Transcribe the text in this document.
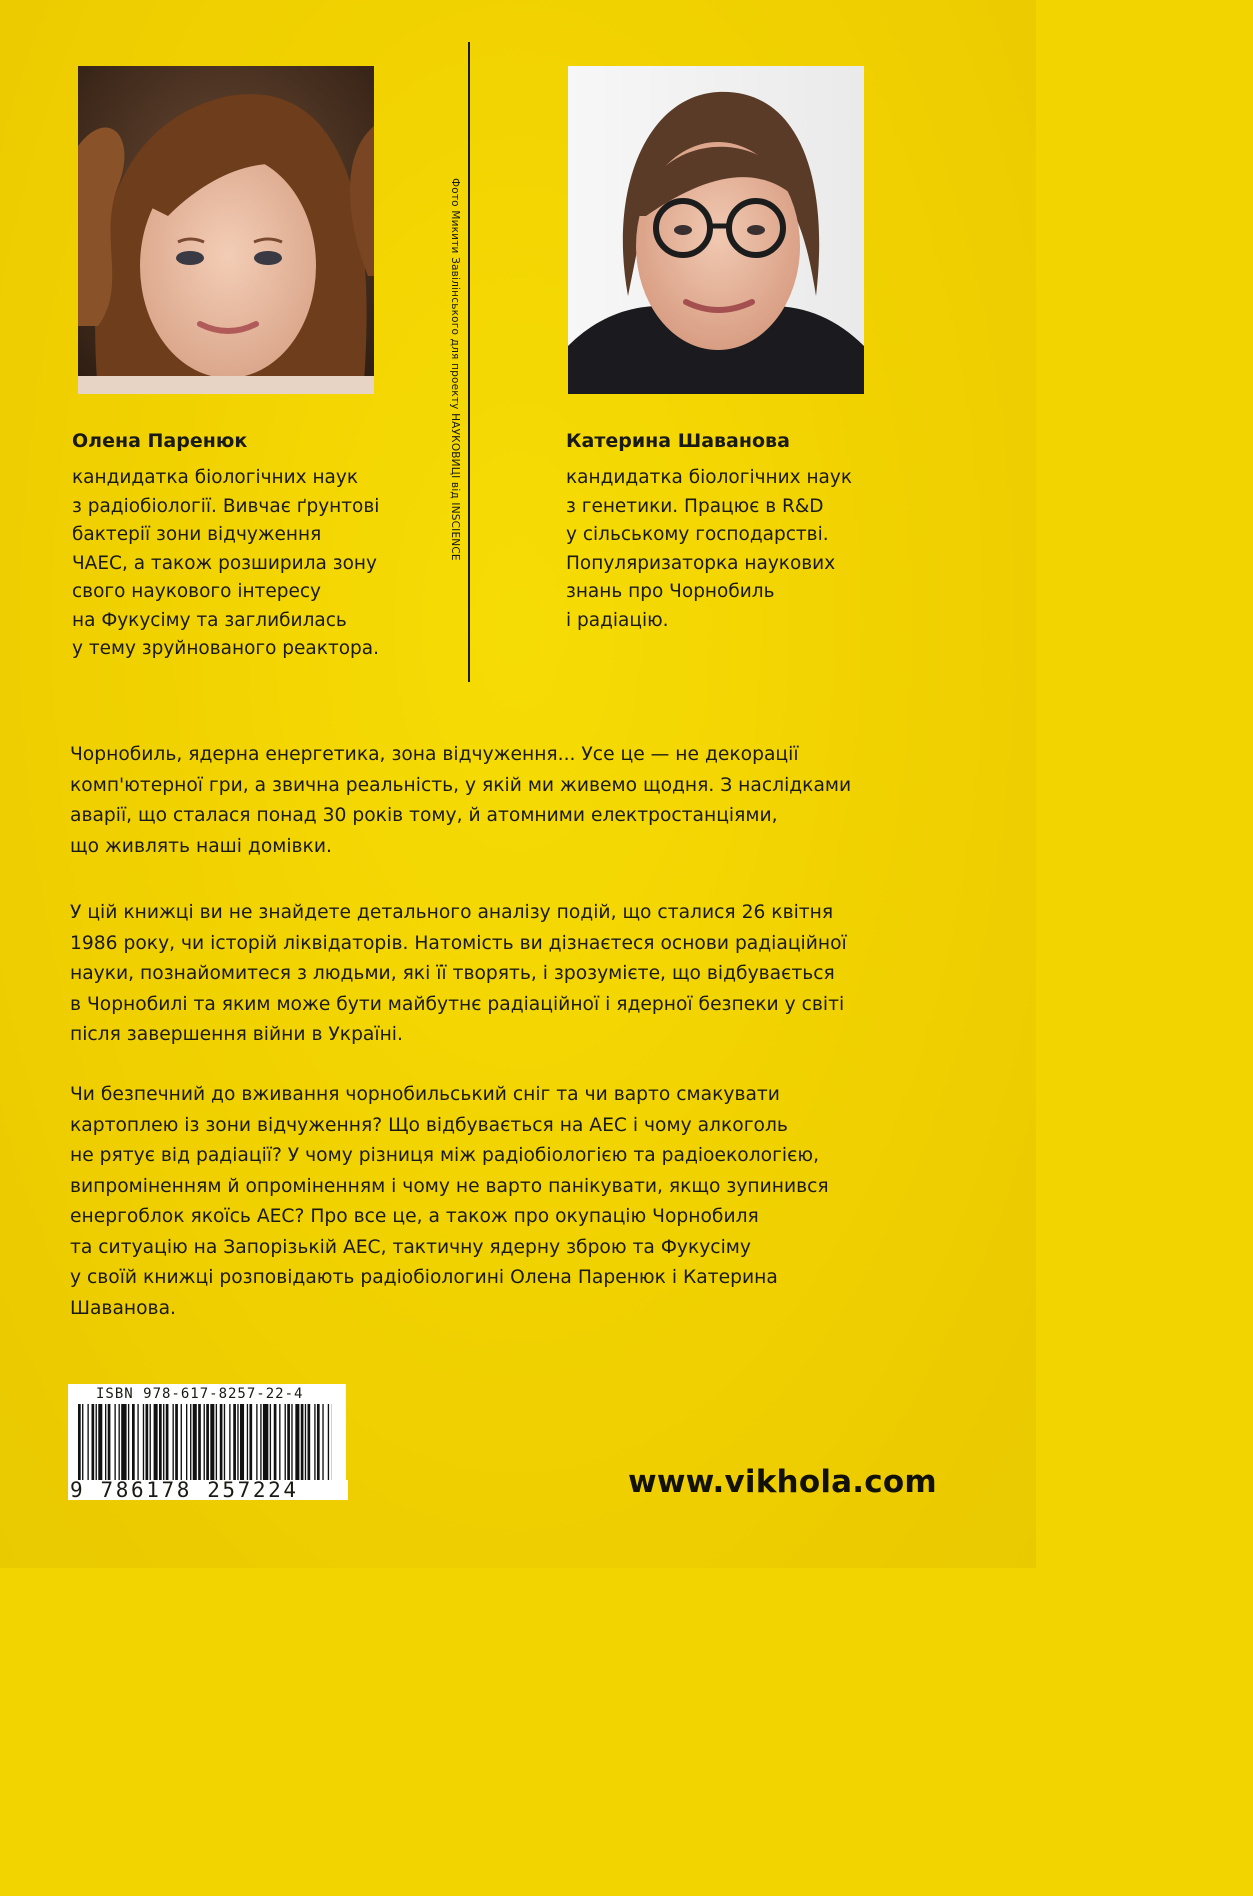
Фото Микити Завілінського для проекту НАУКОВИЦІ від INSCIENCE

Олена Паренюк

кандидатка біологічних наук
з радіобіології. Вивчає ґрунтові
бактерії зони відчуження
ЧАЕС, а також розширила зону
свого наукового інтересу
на Фукусіму та заглибилась
у тему зруйнованого реактора.

Катерина Шаванова

кандидатка біологічних наук
з генетики. Працює в R&D
у сільському господарстві.
Популяризаторка наукових
знань про Чорнобиль
і радіацію.

Чорнобиль, ядерна енергетика, зона відчуження... Усе це — не декорації
комп'ютерної гри, а звична реальність, у якій ми живемо щодня. З наслідками
аварії, що сталася понад 30 років тому, й атомними електростанціями,
що живлять наші домівки.

У цій книжці ви не знайдете детального аналізу подій, що сталися 26 квітня
1986 року, чи історій ліквідаторів. Натомість ви дізнаєтеся основи радіаційної
науки, познайомитеся з людьми, які її творять, і зрозумієте, що відбувається
в Чорнобилі та яким може бути майбутнє радіаційної і ядерної безпеки у світі
після завершення війни в Україні.

Чи безпечний до вживання чорнобильський сніг та чи варто смакувати
картоплею із зони відчуження? Що відбувається на АЕС і чому алкоголь
не рятує від радіації? У чому різниця між радіобіологією та радіоекологією,
випроміненням й опроміненням і чому не варто панікувати, якщо зупинився
енергоблок якоїсь АЕС? Про все це, а також про окупацію Чорнобиля
та ситуацію на Запорізькій АЕС, тактичну ядерну зброю та Фукусіму
у своїй книжці розповідають радіобіологині Олена Паренюк і Катерина
Шаванова.

ISBN 978-617-8257-22-4
9 786178 257224	www.vikhola.com
